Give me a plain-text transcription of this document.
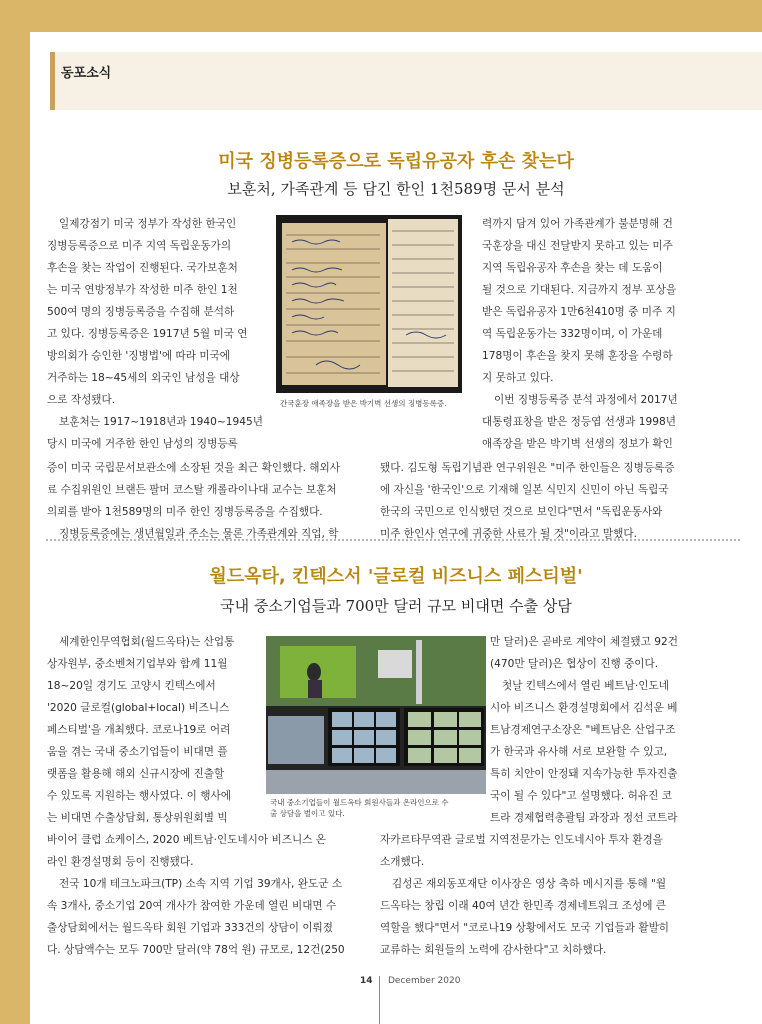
동포소식
미국 징병등록증으로 독립유공자 후손 찾는다
보훈처, 가족관계 등 담긴 한인 1천589명 문서 분석

일제강점기 미국 정부가 작성한 한국인

징병등록증으로 미주 지역 독립운동가의

후손을 찾는 작업이 진행된다. 국가보훈처

는 미국 연방정부가 작성한 미주 한인 1천

500여 명의 징병등록증을 수집해 분석하

고 있다. 징병등록증은 1917년 5월 미국 연

방의회가 승인한 '징병법'에 따라 미국에

거주하는 18~45세의 외국인 남성을 대상

으로 작성됐다.

보훈처는 1917~1918년과 1940~1945년

당시 미국에 거주한 한인 남성의 징병등록

간국훈장 애족장을 받은 박기벽 선생의 징병등록증.

력까지 담겨 있어 가족관계가 불분명해 건

국훈장을 대신 전달받지 못하고 있는 미주

지역 독립유공자 후손을 찾는 데 도움이

될 것으로 기대된다. 지금까지 정부 포상을

받은 독립유공자 1만6천410명 중 미주 지

역 독립운동가는 332명이며, 이 가운데

178명이 후손을 찾지 못해 훈장을 수령하

지 못하고 있다.

이번 징병등록증 분석 과정에서 2017년

대통령표창을 받은 정등엽 선생과 1998년

애족장을 받은 박기벽 선생의 정보가 확인

증이 미국 국립문서보관소에 소장된 것을 최근 확인했다. 해외사

료 수집위원인 브랜든 팔머 코스탈 캐롤라이나대 교수는 보훈처

의뢰를 받아 1천589명의 미주 한인 징병등록증을 수집했다.

징병등록증에는 생년월일과 주소는 물론 가족관계와 직업, 학

됐다. 김도형 독립기념관 연구위원은 "미주 한인들은 징병등록증

에 자신을 '한국인'으로 기재해 일본 식민지 신민이 아닌 독립국

한국의 국민으로 인식했던 것으로 보인다"면서 "독립운동사와

미주 한인사 연구에 귀중한 사료가 될 것"이라고 말했다.

월드옥타, 킨텍스서 '글로컬 비즈니스 페스티벌'
국내 중소기업들과 700만 달러 규모 비대면 수출 상담

세계한인무역협회(월드옥타)는 산업통

상자원부, 중소벤처기업부와 함께 11월

18~20일 경기도 고양시 킨텍스에서

'2020 글로컬(global+local) 비즈니스

페스티벌'을 개최했다. 코로나19로 어려

움을 겪는 국내 중소기업들이 비대면 플

랫폼을 활용해 해외 신규시장에 진출할

수 있도록 지원하는 행사였다. 이 행사에

는 비대면 수출상담회, 통상위원회별 빅

국내 중소기업들이 월드옥타 회원사들과 온라인으로 수
출 상담을 벌이고 있다.

만 달러)은 곧바로 계약이 체결됐고 92건

(470만 달러)은 협상이 진행 중이다.

첫날 킨텍스에서 열린 베트남·인도네

시아 비즈니스 환경설명회에서 김석운 베

트남경제연구소장은 "베트남은 산업구조

가 한국과 유사해 서로 보완할 수 있고,

특히 치안이 안정돼 지속가능한 투자진출

국이 될 수 있다"고 설명했다. 허유진 코

트라 경제협력총괄팀 과장과 정선 코트라

바이어 클럽 쇼케이스, 2020 베트남·인도네시아 비즈니스 온

라인 환경설명회 등이 진행됐다.

전국 10개 테크노파크(TP) 소속 지역 기업 39개사, 완도군 소

속 3개사, 중소기업 20여 개사가 참여한 가운데 열린 비대면 수

출상담회에서는 월드옥타 회원 기업과 333건의 상담이 이뤄졌

다. 상담액수는 모두 700만 달러(약 78억 원) 규모로, 12건(250

자카르타무역관 글로벌 지역전문가는 인도네시아 투자 환경을

소개했다.

김성곤 재외동포재단 이사장은 영상 축하 메시지를 통해 "월

드옥타는 창립 이래 40여 년간 한민족 경제네트워크 조성에 큰

역할을 했다"면서 "코로나19 상황에서도 모국 기업들과 활발히

교류하는 회원들의 노력에 감사한다"고 치하했다.

14 December 2020
